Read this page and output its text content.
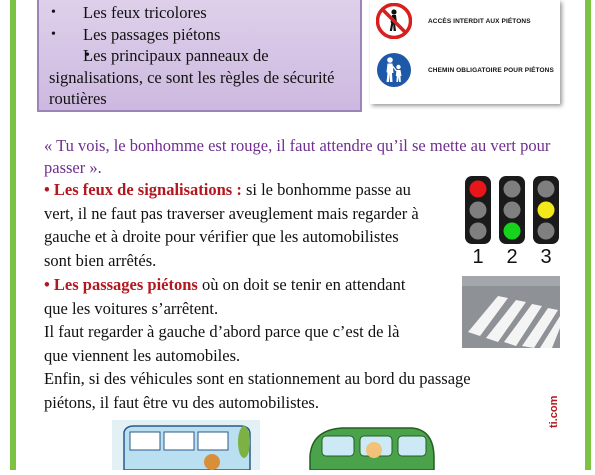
• Les feux tricolores
• Les passages piétons
• Les principaux panneaux de signalisations, ce sont les règles de sécurité routières
ACCÈS INTERDIT AUX PIÉTONS
CHEMIN OBLIGATOIRE POUR PIÉTONS
« Tu vois, le bonhomme est rouge, il faut attendre qu’il se mette au vert pour passer ».
• Les feux de signalisations : si le bonhomme passe au
vert, il ne faut pas traverser aveuglement mais regarder à
gauche et à droite pour vérifier que les automobilistes
sont bien arrêtés.
• Les passages piétons où on doit se tenir en attendant
que les voitures s’arrêtent.
Il faut regarder à gauche d’abord parce que c’est de là
que viennent les automobiles.
Enfin, si des véhicules sont en stationnement au bord du passage
piétons, il faut être vu des automobilistes.
1	2	3
ti.com
